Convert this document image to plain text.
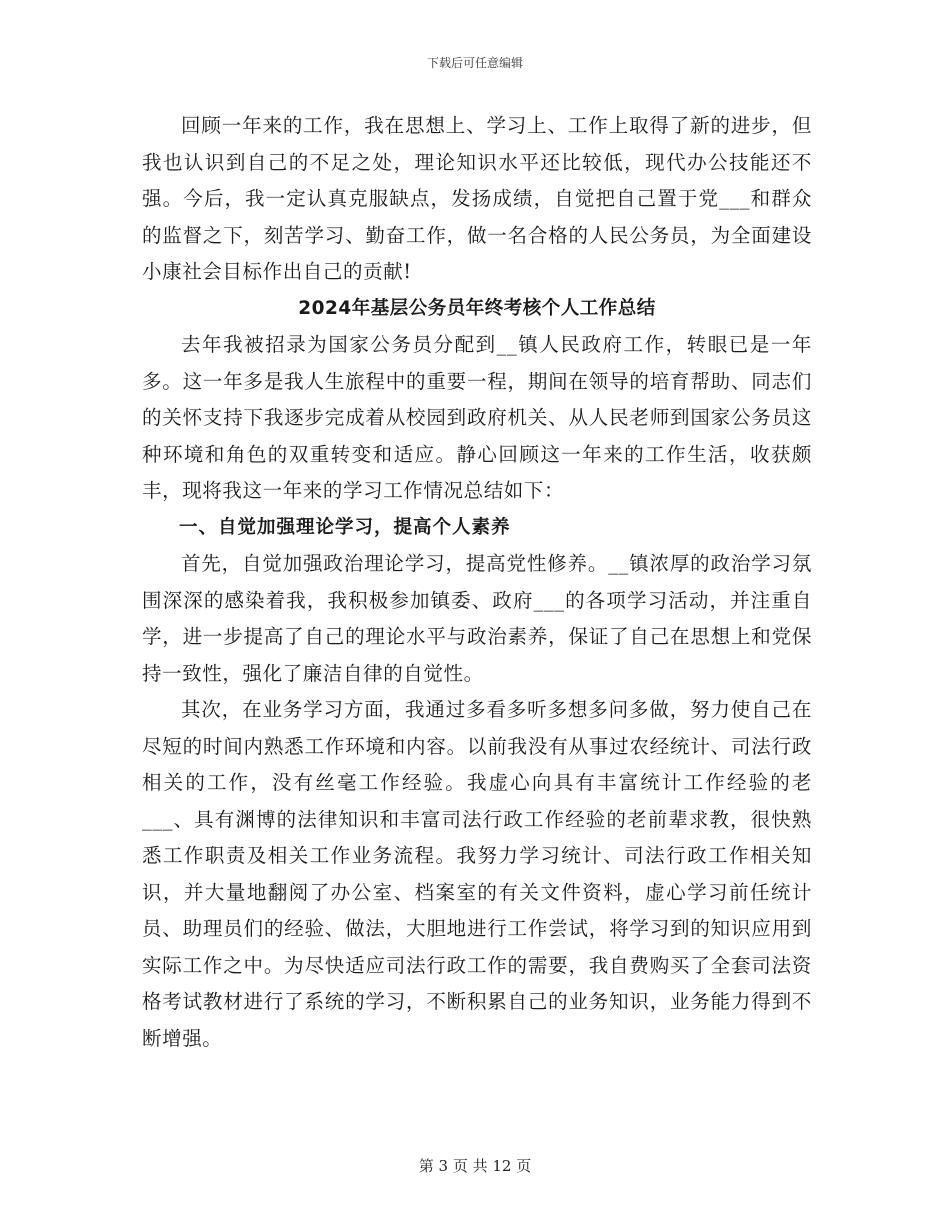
下载后可任意编辑

回顾一年来的工作，我在思想上、学习上、工作上取得了新的进步，但我也认识到自己的不足之处，理论知识水平还比较低，现代办公技能还不强。今后，我一定认真克服缺点，发扬成绩，自觉把自己置于党___和群众的监督之下，刻苦学习、勤奋工作，做一名合格的人民公务员，为全面建设小康社会目标作出自己的贡献!

2024年基层公务员年终考核个人工作总结

去年我被招录为国家公务员分配到__镇人民政府工作，转眼已是一年多。这一年多是我人生旅程中的重要一程，期间在领导的培育帮助、同志们的关怀支持下我逐步完成着从校园到政府机关、从人民老师到国家公务员这种环境和角色的双重转变和适应。静心回顾这一年来的工作生活，收获颇丰，现将我这一年来的学习工作情况总结如下：

一、自觉加强理论学习，提高个人素养

首先，自觉加强政治理论学习，提高党性修养。__镇浓厚的政治学习氛围深深的感染着我，我积极参加镇委、政府___的各项学习活动，并注重自学，进一步提高了自己的理论水平与政治素养，保证了自己在思想上和党保持一致性，强化了廉洁自律的自觉性。

其次，在业务学习方面，我通过多看多听多想多问多做，努力使自己在尽短的时间内熟悉工作环境和内容。以前我没有从事过农经统计、司法行政相关的工作，没有丝毫工作经验。我虚心向具有丰富统计工作经验的老___、具有渊博的法律知识和丰富司法行政工作经验的老前辈求教，很快熟悉工作职责及相关工作业务流程。我努力学习统计、司法行政工作相关知识，并大量地翻阅了办公室、档案室的有关文件资料，虚心学习前任统计员、助理员们的经验、做法，大胆地进行工作尝试，将学习到的知识应用到实际工作之中。为尽快适应司法行政工作的需要，我自费购买了全套司法资格考试教材进行了系统的学习，不断积累自己的业务知识，业务能力得到不断增强。

第 3 页 共 12 页
